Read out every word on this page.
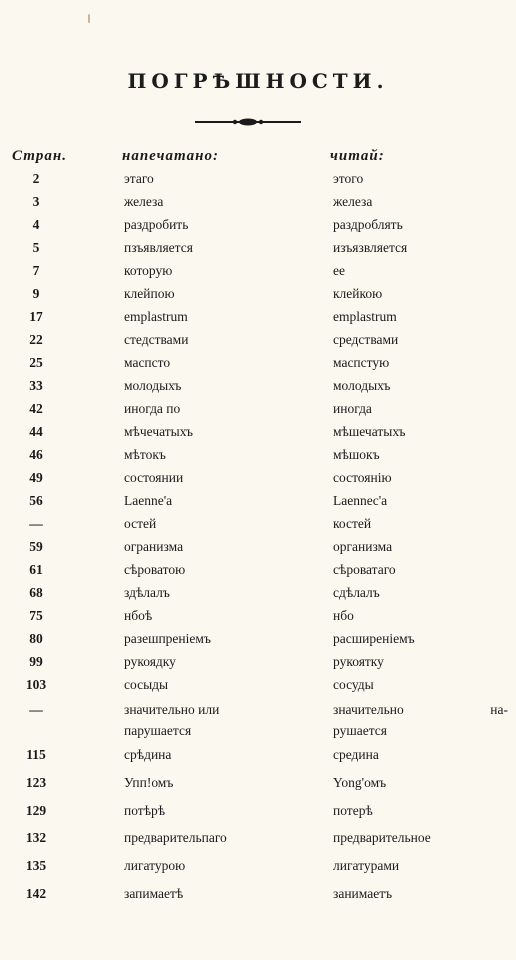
ПОГРѢШНОСТИ.
Стран.	напечатано:	читай:
2	этаго	этого
3	железа	железа
4	раздробить	раздроблять
5	пзъявляется	изъязвляется
7	которую	ее
9	клейпою	клейкою
17	emplastrum	emplastrum
22	стедствами	средствами
25	маспсто	маспстую
33	молодыхъ	молодыхъ
42	иногда по	иногда
44	мѣчечатыхъ	мѣшечатыхъ
46	мѣтокъ	мѣшокъ
49	состоянии	состоянію
56	Laenne'a	Laennec'a
—	остей	костей
59	огранизма	организма
61	сѣроватою	сѣроватаго
68	здѣлалъ	сдѣлалъ
75	нбоѣ	нбо
80	разешпренiемъ	расширенiемъ
99	рукоядку	рукоятку
103	сосыды	сосуды
—	значительно или	значительно на-
парушается	рушается
115	срѣдина	средина
123	Упп!омъ	Yong'омъ
129	потѣрѣ	потерѣ
132	предварительпаго	предварительное
135	лигатурою	лигатурами
142	запимаетѣ	занимаетъ
